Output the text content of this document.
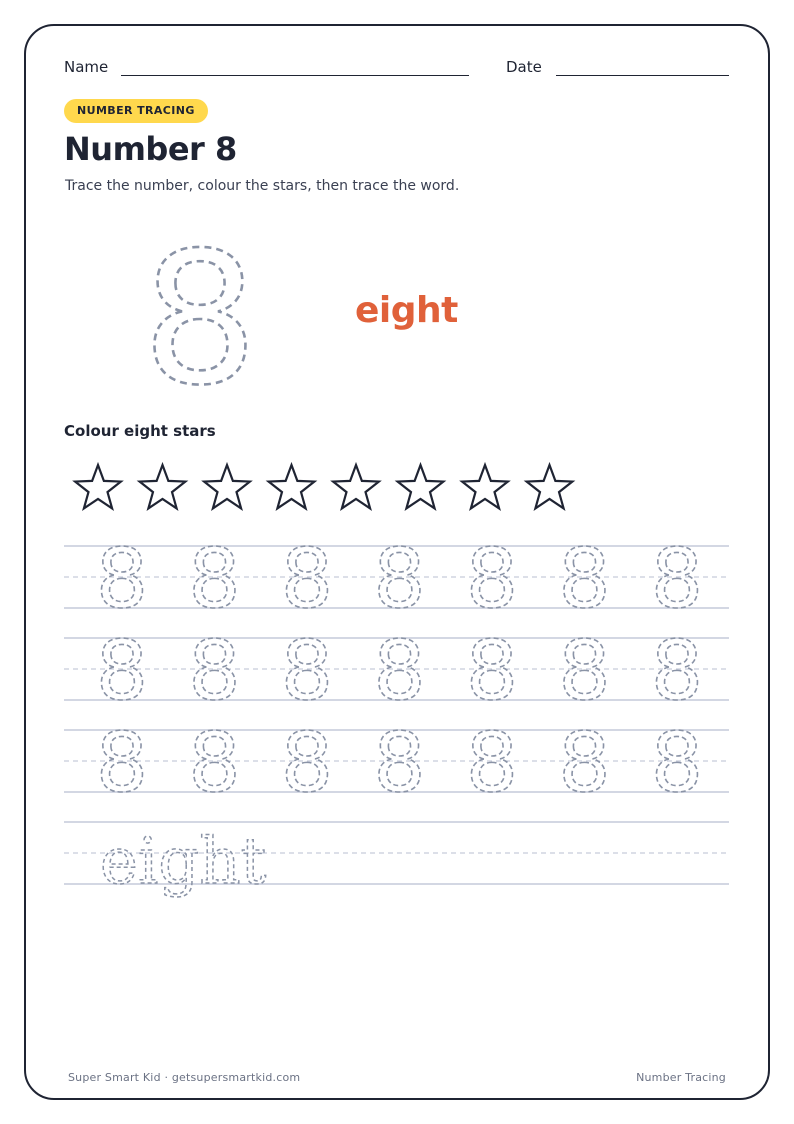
Name	Date
NUMBER TRACING
Number 8
Trace the number, colour the stars, then trace the word.
8	eight
Colour eight stars
8 8 8 8 8 8 8
8 8 8 8 8 8 8
8 8 8 8 8 8 8
eight
Super Smart Kid · getsupersmartkid.com	Number Tracing
